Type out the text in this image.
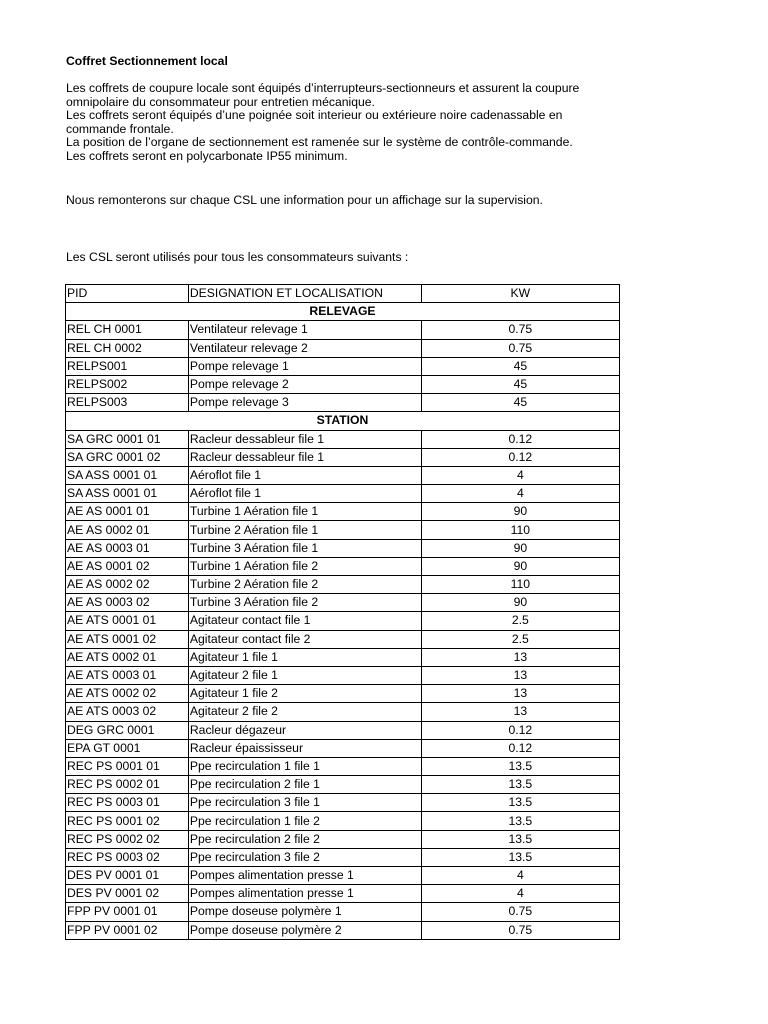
Coffret Sectionnement local

Les coffrets de coupure locale sont équipés d’interrupteurs-sectionneurs et assurent la coupure

omnipolaire du consommateur pour entretien mécanique.

Les coffrets seront équipés d’une poignée soit interieur ou extérieure noire cadenassable en

commande frontale.

La position de l’organe de sectionnement est ramenée sur le système de contrôle-commande.

Les coffrets seront en polycarbonate IP55 minimum.

Nous remonterons sur chaque CSL une information pour un affichage sur la supervision.

Les CSL seront utilisés pour tous les consommateurs suivants :

PID	DESIGNATION ET LOCALISATION	KW
RELEVAGE		
REL CH 0001	Ventilateur relevage 1	0.75
REL CH 0002	Ventilateur relevage 2	0.75
RELPS001	Pompe relevage 1	45
RELPS002	Pompe relevage 2	45
RELPS003	Pompe relevage 3	45
STATION		
SA GRC 0001 01	Racleur dessableur file 1	0.12
SA GRC 0001 02	Racleur dessableur file 1	0.12
SA ASS 0001 01	Aéroflot file 1	4
SA ASS 0001 01	Aéroflot file 1	4
AE AS 0001 01	Turbine 1 Aération file 1	90
AE AS 0002 01	Turbine 2 Aération file 1	110
AE AS 0003 01	Turbine 3 Aération file 1	90
AE AS 0001 02	Turbine 1 Aération file 2	90
AE AS 0002 02	Turbine 2 Aération file 2	110
AE AS 0003 02	Turbine 3 Aération file 2	90
AE ATS 0001 01	Agitateur contact file 1	2.5
AE ATS 0001 02	Agitateur contact file 2	2.5
AE ATS 0002 01	Agitateur 1 file 1	13
AE ATS 0003 01	Agitateur 2 file 1	13
AE ATS 0002 02	Agitateur 1 file 2	13
AE ATS 0003 02	Agitateur 2 file 2	13
DEG GRC 0001	Racleur dégazeur	0.12
EPA GT 0001	Racleur épaississeur	0.12
REC PS 0001 01	Ppe recirculation 1 file 1	13.5
REC PS 0002 01	Ppe recirculation 2 file 1	13.5
REC PS 0003 01	Ppe recirculation 3 file 1	13.5
REC PS 0001 02	Ppe recirculation 1 file 2	13.5
REC PS 0002 02	Ppe recirculation 2 file 2	13.5
REC PS 0003 02	Ppe recirculation 3 file 2	13.5
DES PV 0001 01	Pompes alimentation presse 1	4
DES PV 0001 02	Pompes alimentation presse 1	4
FPP PV 0001 01	Pompe doseuse polymère 1	0.75
FPP PV 0001 02	Pompe doseuse polymère 2	0.75
